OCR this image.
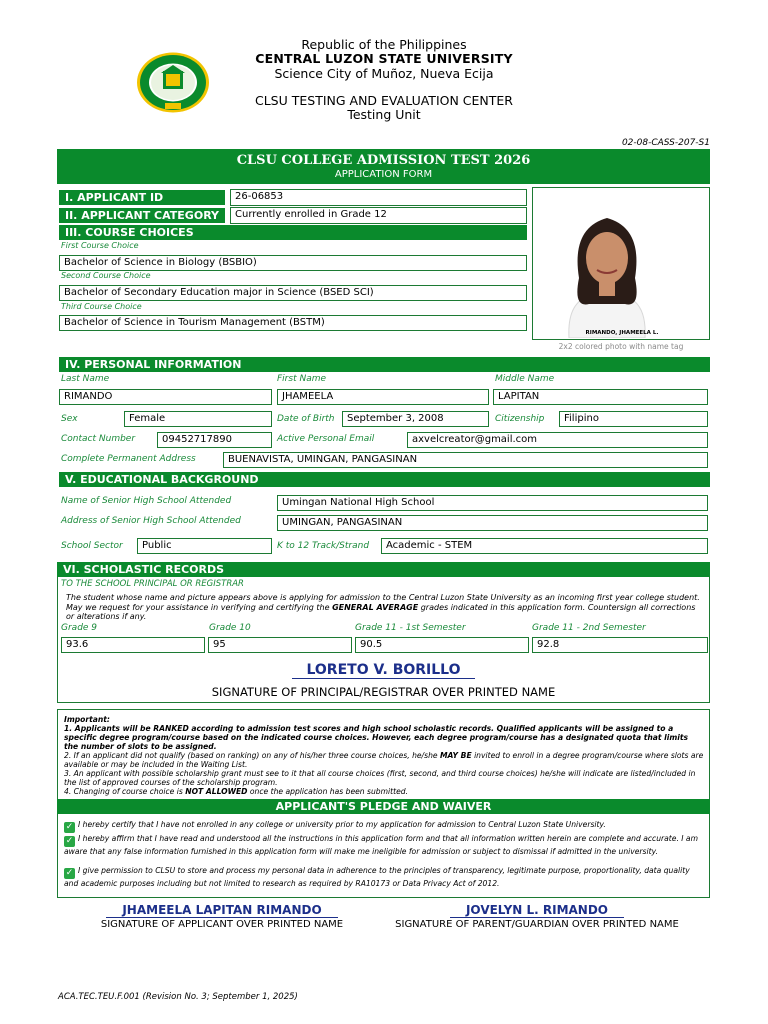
Republic of the Philippines
CENTRAL LUZON STATE UNIVERSITY
Science City of Muñoz, Nueva Ecija
CLSU TESTING AND EVALUATION CENTER
Testing Unit
02-08-CASS-207-S1
CLSU COLLEGE ADMISSION TEST 2026
APPLICATION FORM
I. APPLICANT ID	26-06853
II. APPLICANT CATEGORY	Currently enrolled in Grade 12
III. COURSE CHOICES
First Course Choice
Bachelor of Science in Biology (BSBIO)
Second Course Choice
Bachelor of Secondary Education major in Science (BSED SCI)
Third Course Choice
Bachelor of Science in Tourism Management (BSTM)
RIMANDO, JHAMEELA L.
2x2 colored photo with name tag
IV. PERSONAL INFORMATION
Last Name	First Name	Middle Name
RIMANDO	JHAMEELA	LAPITAN
Sex	Female	Date of Birth	September 3, 2008	Citizenship	Filipino
Contact Number	09452717890	Active Personal Email	axvelcreator@gmail.com
Complete Permanent Address	BUENAVISTA, UMINGAN, PANGASINAN
V. EDUCATIONAL BACKGROUND
Name of Senior High School Attended	Umingan National High School
Address of Senior High School Attended	UMINGAN, PANGASINAN
School Sector	Public	K to 12 Track/Strand	Academic - STEM
VI. SCHOLASTIC RECORDS
TO THE SCHOOL PRINCIPAL OR REGISTRAR
The student whose name and picture appears above is applying for admission to the Central Luzon State University as an incoming first year college student. May we request for your assistance in verifying and certifying the GENERAL AVERAGE grades indicated in this application form. Countersign all corrections or alterations if any.
Grade 9	Grade 10	Grade 11 - 1st Semester	Grade 11 - 2nd Semester
93.6	95	90.5	92.8
LORETO V. BORILLO
SIGNATURE OF PRINCIPAL/REGISTRAR OVER PRINTED NAME
Important:
1. Applicants will be RANKED according to admission test scores and high school scholastic records. Qualified applicants will be assigned to a specific degree program/course based on the indicated course choices. However, each degree program/course has a designated quota that limits the number of slots to be assigned.
2. If an applicant did not qualify (based on ranking) on any of his/her three course choices, he/she MAY BE invited to enroll in a degree program/course where slots are available or may be included in the Waiting List.
3. An applicant with possible scholarship grant must see to it that all course choices (first, second, and third course choices) he/she will indicate are listed/included in the list of approved courses of the scholarship program.
4. Changing of course choice is NOT ALLOWED once the application has been submitted.
APPLICANT'S PLEDGE AND WAIVER
✓ I hereby certify that I have not enrolled in any college or university prior to my application for admission to Central Luzon State University.
✓ I hereby affirm that I have read and understood all the instructions in this application form and that all information written herein are complete and accurate. I am aware that any false information furnished in this application form will make me ineligible for admission or subject to dismissal if admitted in the university.
✓ I give permission to CLSU to store and process my personal data in adherence to the principles of transparency, legitimate purpose, proportionality, data quality and academic purposes including but not limited to research as required by RA10173 or Data Privacy Act of 2012.
JHAMEELA LAPITAN RIMANDO
SIGNATURE OF APPLICANT OVER PRINTED NAME
JOVELYN L. RIMANDO
SIGNATURE OF PARENT/GUARDIAN OVER PRINTED NAME
ACA.TEC.TEU.F.001 (Revision No. 3; September 1, 2025)
